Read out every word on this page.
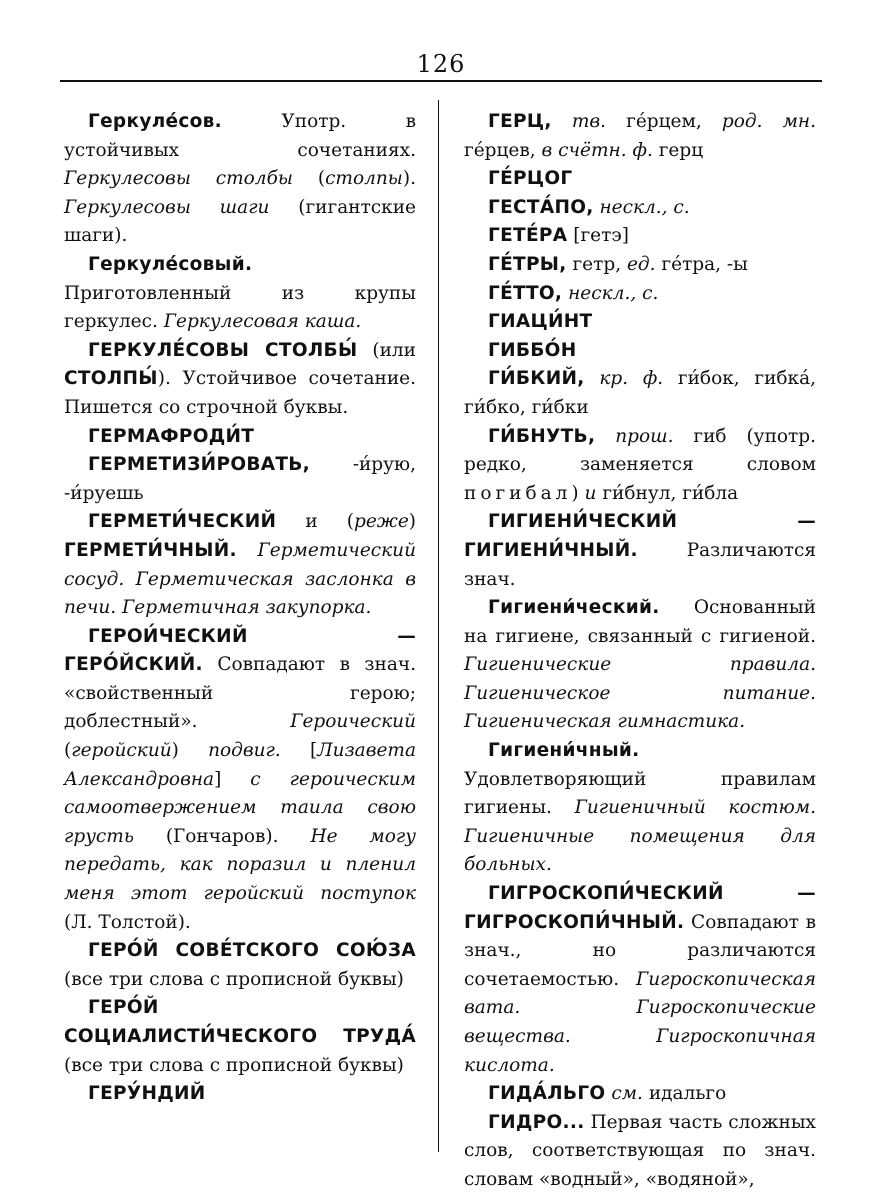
126

Геркуле́сов. Употр. в устойчивых сочетаниях. Геркулесовы столбы (столпы). Геркулесовы шаги (гигантские шаги).

Геркуле́совый. Приготовленный из крупы геркулес. Геркулесовая каша.

ГЕРКУЛЕ́СОВЫ СТОЛБЫ́ (или СТОЛПЫ́). Устойчивое сочетание. Пишется со строчной буквы.

ГЕРМАФРОДИ́Т

ГЕРМЕТИЗИ́РОВАТЬ, -и́рую, -и́руешь

ГЕРМЕТИ́ЧЕСКИЙ и (реже) ГЕРМЕТИ́ЧНЫЙ. Герметический сосуд. Герметическая заслонка в печи. Герметичная закупорка.

ГЕРОИ́ЧЕСКИЙ — ГЕРО́ЙСКИЙ. Совпадают в знач. «свойственный герою; доблестный». Героический (геройский) подвиг. [Лизавета Александровна] с героическим самоотвержением таила свою грусть (Гончаров). Не могу передать, как поразил и пленил меня этот геройский поступок (Л. Толстой).

ГЕРО́Й СОВЕ́ТСКОГО СОЮ́ЗА (все три слова с прописной буквы)

ГЕРО́Й СОЦИАЛИСТИ́ЧЕСКОГО ТРУДА́ (все три слова с прописной буквы)

ГЕРУ́НДИЙ

ГЕРЦ, тв. ге́рцем, род. мн. ге́рцев, в счётн. ф. герц

ГЕ́РЦОГ

ГЕСТА́ПО, нескл., с.

ГЕТЕ́РА [гетэ]

ГЕ́ТРЫ, гетр, ед. ге́тра, -ы

ГЕ́ТТО, нескл., с.

ГИАЦИ́НТ

ГИББО́Н

ГИ́БКИЙ, кр. ф. ги́бок, гибка́, ги́бко, ги́бки

ГИ́БНУТЬ, прош. гиб (употр. редко, заменяется словом погибал) и ги́бнул, ги́бла

ГИГИЕНИ́ЧЕСКИЙ — ГИГИЕНИ́ЧНЫЙ. Различаются знач.

Гигиени́ческий. Основанный на гигиене, связанный с гигиеной. Гигиенические правила. Гигиеническое питание. Гигиеническая гимнастика.

Гигиени́чный. Удовлетворяющий правилам гигиены. Гигиеничный костюм. Гигиеничные помещения для больных.

ГИГРОСКОПИ́ЧЕСКИЙ — ГИГРОСКОПИ́ЧНЫЙ. Совпадают в знач., но различаются сочетаемостью. Гигроскопическая вата. Гигроскопические вещества. Гигроскопичная кислота.

ГИДА́ЛЬГО см. идальго

ГИДРО... Первая часть сложных слов, соответствующая по знач. словам «водный», «водяной»,
